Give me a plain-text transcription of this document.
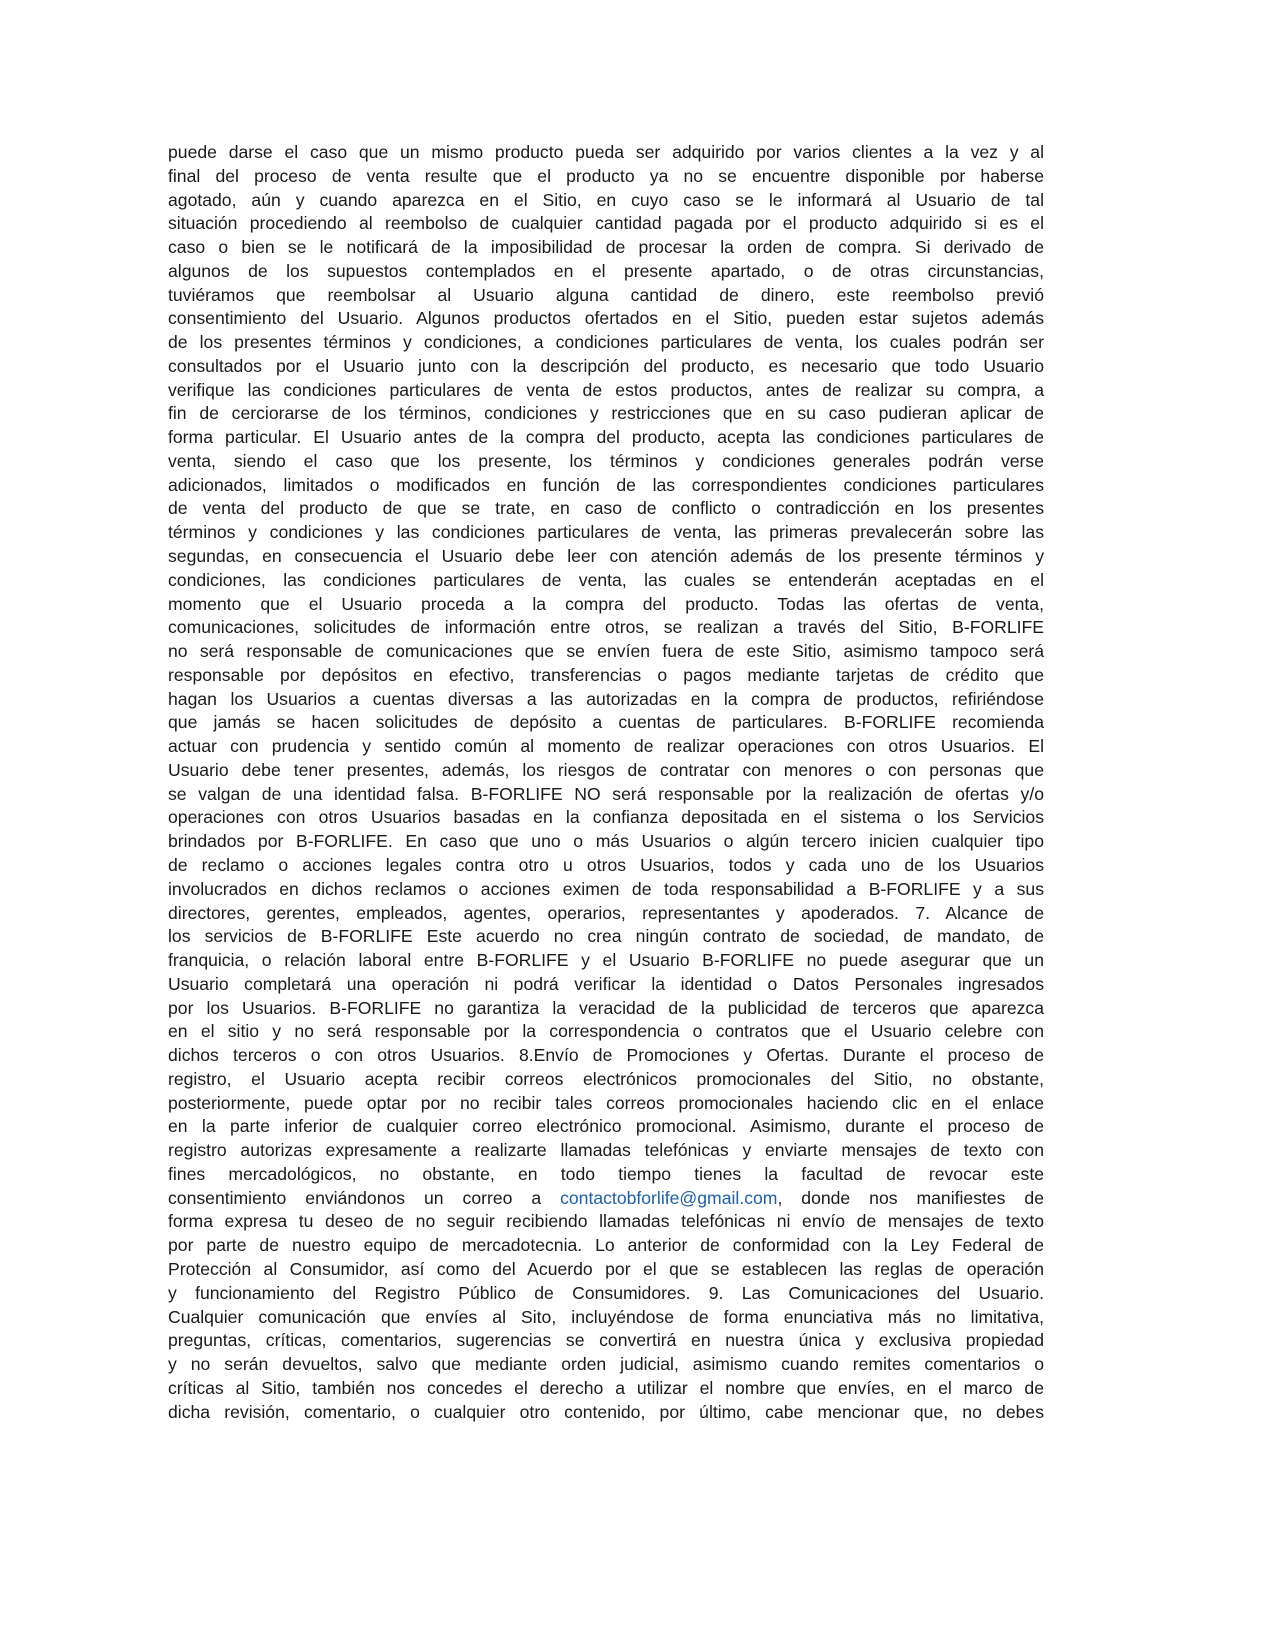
puede darse el caso que un mismo producto pueda ser adquirido por varios clientes a la vez y al
final del proceso de venta resulte que el producto ya no se encuentre disponible por haberse
agotado, aún y cuando aparezca en el Sitio, en cuyo caso se le informará al Usuario de tal
situación procediendo al reembolso de cualquier cantidad pagada por el producto adquirido si es el
caso o bien se le notificará de la imposibilidad de procesar la orden de compra. Si derivado de
algunos de los supuestos contemplados en el presente apartado, o de otras circunstancias,
tuviéramos que reembolsar al Usuario alguna cantidad de dinero, este reembolso previó
consentimiento del Usuario. Algunos productos ofertados en el Sitio, pueden estar sujetos además
de los presentes términos y condiciones, a condiciones particulares de venta, los cuales podrán ser
consultados por el Usuario junto con la descripción del producto, es necesario que todo Usuario
verifique las condiciones particulares de venta de estos productos, antes de realizar su compra, a
fin de cerciorarse de los términos, condiciones y restricciones que en su caso pudieran aplicar de
forma particular. El Usuario antes de la compra del producto, acepta las condiciones particulares de
venta, siendo el caso que los presente, los términos y condiciones generales podrán verse
adicionados, limitados o modificados en función de las correspondientes condiciones particulares
de venta del producto de que se trate, en caso de conflicto o contradicción en los presentes
términos y condiciones y las condiciones particulares de venta, las primeras prevalecerán sobre las
segundas, en consecuencia el Usuario debe leer con atención además de los presente términos y
condiciones, las condiciones particulares de venta, las cuales se entenderán aceptadas en el
momento que el Usuario proceda a la compra del producto. Todas las ofertas de venta,
comunicaciones, solicitudes de información entre otros, se realizan a través del Sitio, B-FORLIFE
no será responsable de comunicaciones que se envíen fuera de este Sitio, asimismo tampoco será
responsable por depósitos en efectivo, transferencias o pagos mediante tarjetas de crédito que
hagan los Usuarios a cuentas diversas a las autorizadas en la compra de productos, refiriéndose
que jamás se hacen solicitudes de depósito a cuentas de particulares. B-FORLIFE recomienda
actuar con prudencia y sentido común al momento de realizar operaciones con otros Usuarios. El
Usuario debe tener presentes, además, los riesgos de contratar con menores o con personas que
se valgan de una identidad falsa. B-FORLIFE NO será responsable por la realización de ofertas y/o
operaciones con otros Usuarios basadas en la confianza depositada en el sistema o los Servicios
brindados por B-FORLIFE. En caso que uno o más Usuarios o algún tercero inicien cualquier tipo
de reclamo o acciones legales contra otro u otros Usuarios, todos y cada uno de los Usuarios
involucrados en dichos reclamos o acciones eximen de toda responsabilidad a B-FORLIFE y a sus
directores, gerentes, empleados, agentes, operarios, representantes y apoderados. 7. Alcance de
los servicios de B-FORLIFE Este acuerdo no crea ningún contrato de sociedad, de mandato, de
franquicia, o relación laboral entre B-FORLIFE y el Usuario B-FORLIFE no puede asegurar que un
Usuario completará una operación ni podrá verificar la identidad o Datos Personales ingresados
por los Usuarios. B-FORLIFE no garantiza la veracidad de la publicidad de terceros que aparezca
en el sitio y no será responsable por la correspondencia o contratos que el Usuario celebre con
dichos terceros o con otros Usuarios. 8.Envío de Promociones y Ofertas. Durante el proceso de
registro, el Usuario acepta recibir correos electrónicos promocionales del Sitio, no obstante,
posteriormente, puede optar por no recibir tales correos promocionales haciendo clic en el enlace
en la parte inferior de cualquier correo electrónico promocional. Asimismo, durante el proceso de
registro autorizas expresamente a realizarte llamadas telefónicas y enviarte mensajes de texto con
fines mercadológicos, no obstante, en todo tiempo tienes la facultad de revocar este
consentimiento enviándonos un correo a contactobforlife@gmail.com, donde nos manifiestes de
forma expresa tu deseo de no seguir recibiendo llamadas telefónicas ni envío de mensajes de texto
por parte de nuestro equipo de mercadotecnia. Lo anterior de conformidad con la Ley Federal de
Protección al Consumidor, así como del Acuerdo por el que se establecen las reglas de operación
y funcionamiento del Registro Público de Consumidores. 9. Las Comunicaciones del Usuario.
Cualquier comunicación que envíes al Sito, incluyéndose de forma enunciativa más no limitativa,
preguntas, críticas, comentarios, sugerencias se convertirá en nuestra única y exclusiva propiedad
y no serán devueltos, salvo que mediante orden judicial, asimismo cuando remites comentarios o
críticas al Sitio, también nos concedes el derecho a utilizar el nombre que envíes, en el marco de
dicha revisión, comentario, o cualquier otro contenido, por último, cabe mencionar que, no debes
